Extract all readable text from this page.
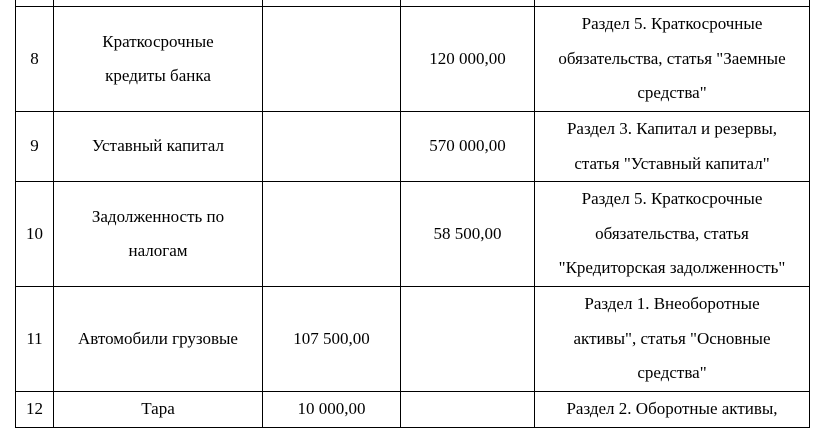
8	Краткосрочные
кредиты банка		120 000,00	Раздел 5. Краткосрочные
обязательства, статья "Заемные
средства"
9	Уставный капитал		570 000,00	Раздел 3. Капитал и резервы,
статья "Уставный капитал"
10	Задолженность по
налогам		58 500,00	Раздел 5. Краткосрочные
обязательства, статья
"Кредиторская задолженность"
11	Автомобили грузовые	107 500,00		Раздел 1. Внеоборотные
активы", статья "Основные
средства"
12	Тара	10 000,00		Раздел 2. Оборотные активы,
